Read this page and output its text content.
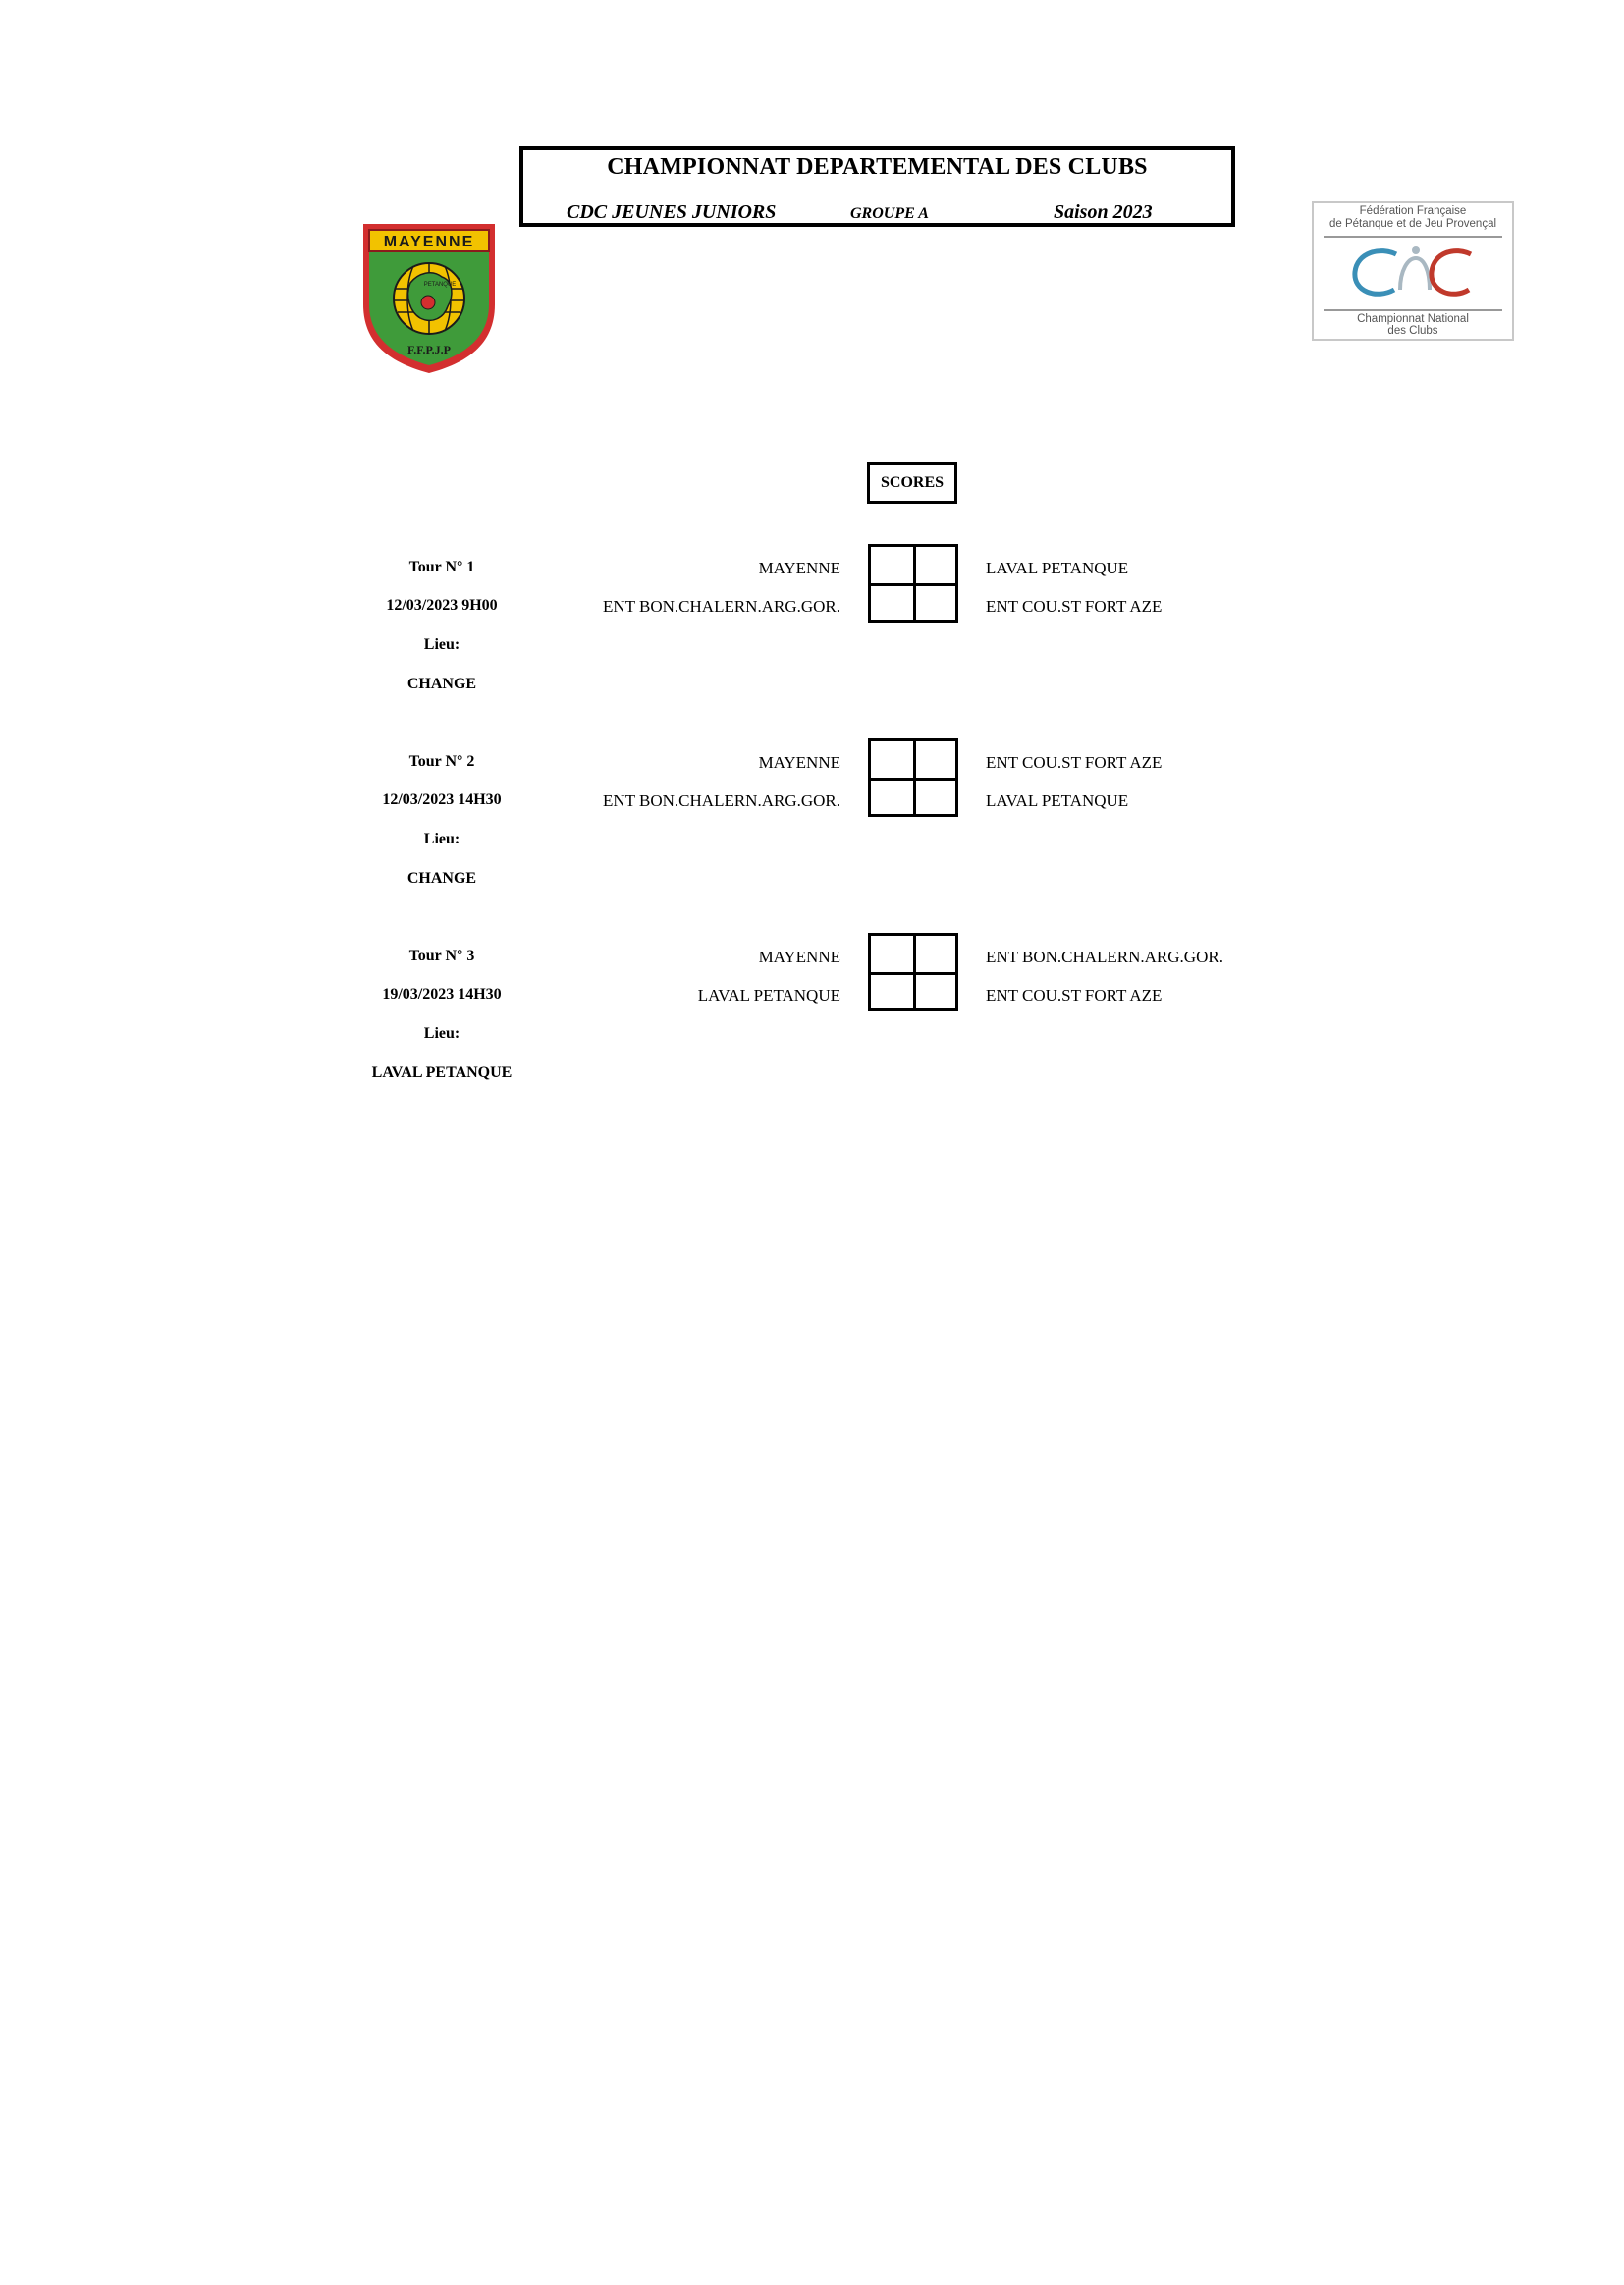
CHAMPIONNAT DEPARTEMENTAL DES CLUBS
CDC JEUNES JUNIORS	GROUPE A	Saison 2023
MAYENNE
PETANQUE
F.F.P.J.P
Fédération Française
de Pétanque et de Jeu Provençal
Championnat National
des Clubs
SCORES
Tour N° 1
12/03/2023 9H00
Lieu:
CHANGE
MAYENNE
ENT BON.CHALERN.ARG.GOR.
LAVAL PETANQUE
ENT COU.ST FORT AZE
Tour N° 2
12/03/2023 14H30
Lieu:
CHANGE
MAYENNE
ENT BON.CHALERN.ARG.GOR.
ENT COU.ST FORT AZE
LAVAL PETANQUE
Tour N° 3
19/03/2023 14H30
Lieu:
LAVAL PETANQUE
MAYENNE
LAVAL PETANQUE
ENT BON.CHALERN.ARG.GOR.
ENT COU.ST FORT AZE
